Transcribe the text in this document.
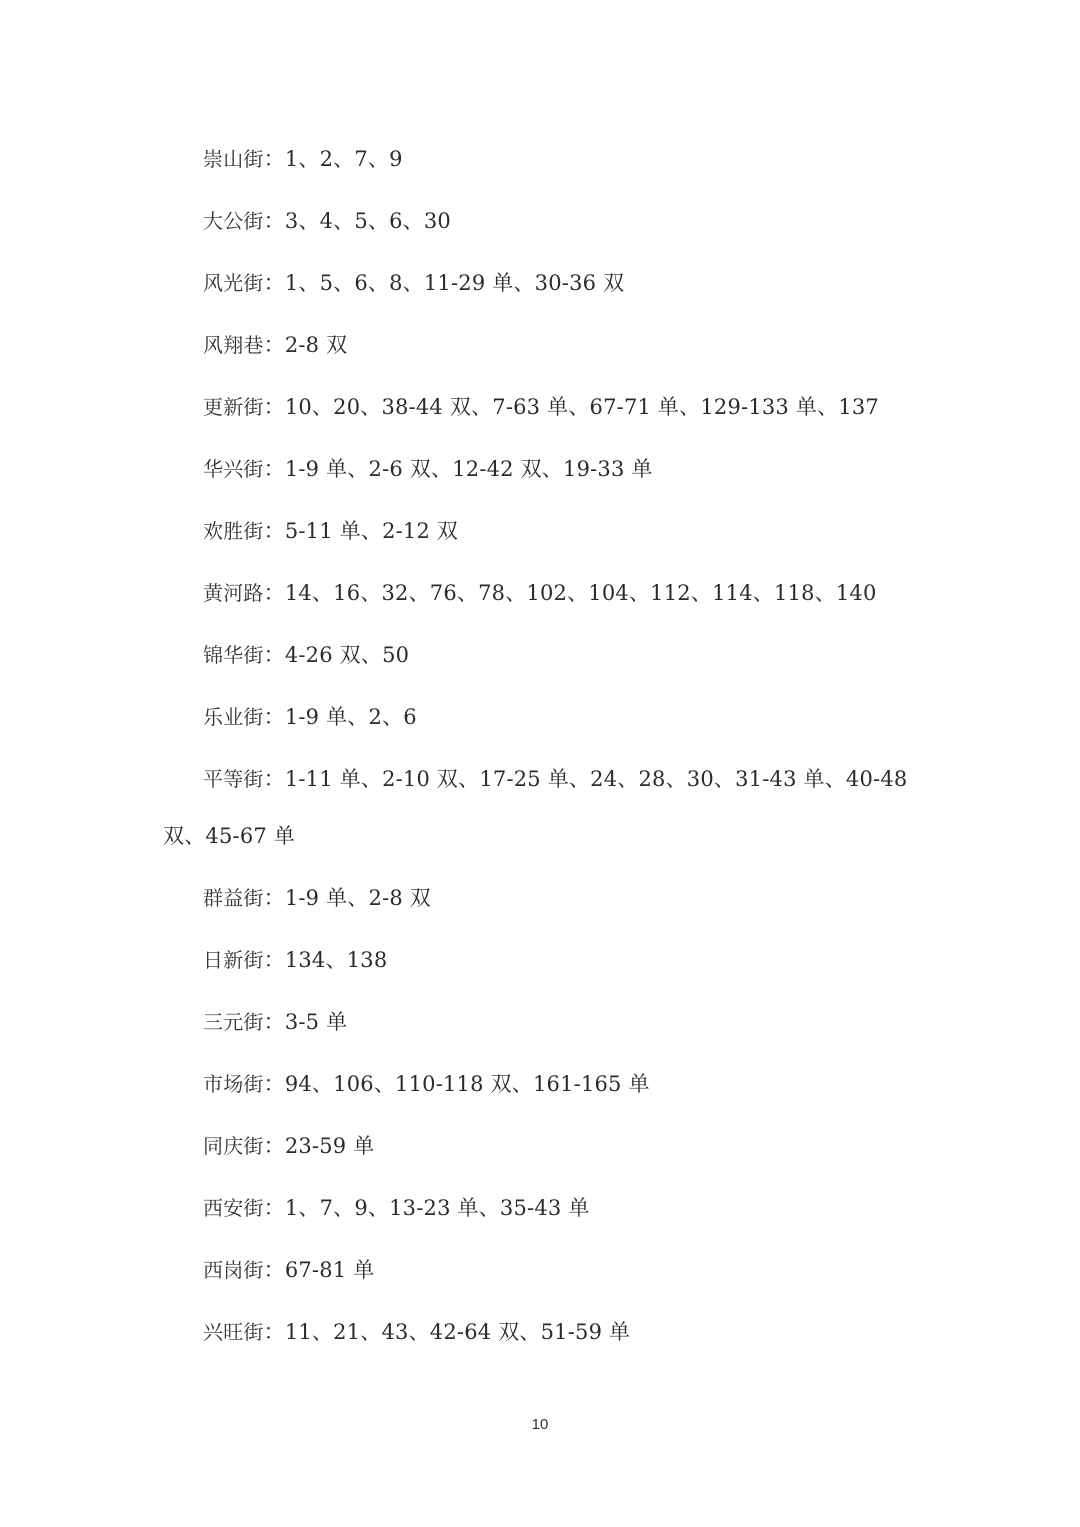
崇山街：1、2、7、9

大公街：3、4、5、6、30

风光街：1、5、6、8、11-29 单、30-36 双

风翔巷：2-8 双

更新街：10、20、38-44 双、7-63 单、67-71 单、129-133 单、137

华兴街：1-9 单、2-6 双、12-42 双、19-33 单

欢胜街：5-11 单、2-12 双

黄河路：14、16、32、76、78、102、104、112、114、118、140

锦华街：4-26 双、50

乐业街：1-9 单、2、6

平等街：1-11 单、2-10 双、17-25 单、24、28、30、31-43 单、40-48 双、45-67 单

群益街：1-9 单、2-8 双

日新街：134、138

三元街：3-5 单

市场街：94、106、110-118 双、161-165 单

同庆街：23-59 单

西安街：1、7、9、13-23 单、35-43 单

西岗街：67-81 单

兴旺街：11、21、43、42-64 双、51-59 单

10
